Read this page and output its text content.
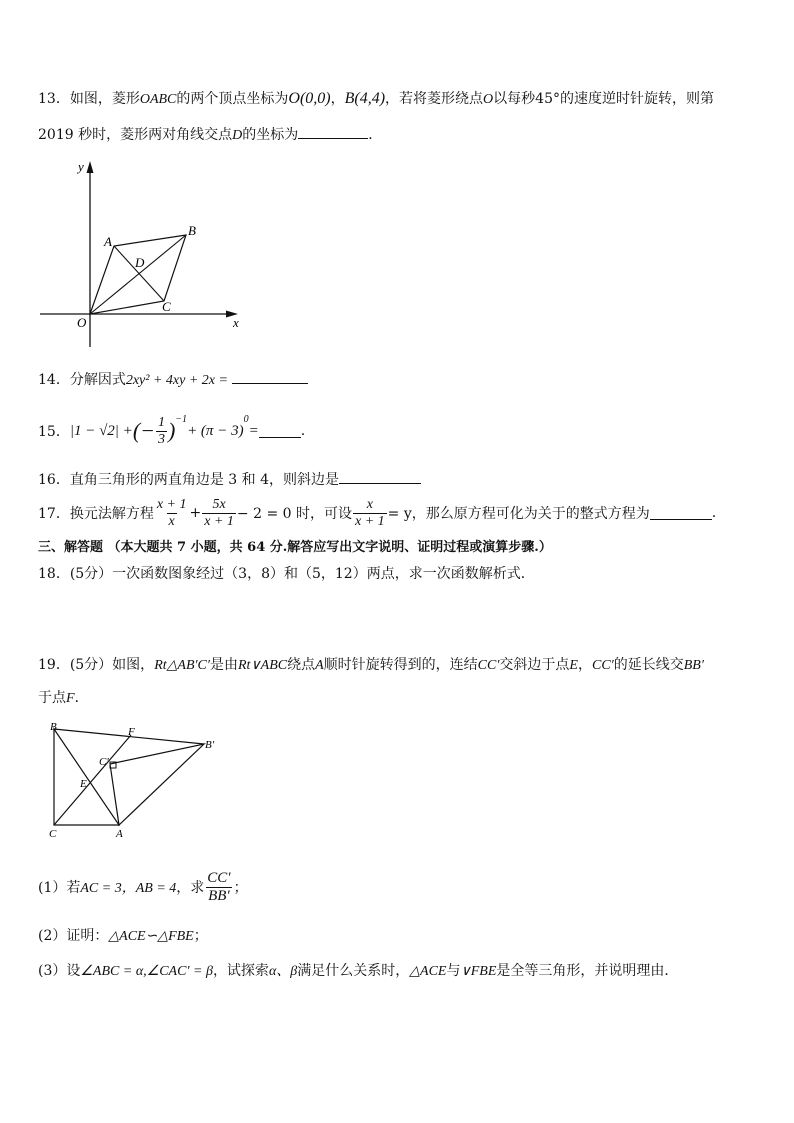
13．如图，菱形OABC的两个顶点坐标为O(0,0)，B(4,4)，若将菱形绕点O以每秒45°的速度逆时针旋转，则第
2019 秒时，菱形两对角线交点D的坐标为	．
y
x
A
B
C
D
O
14．分解因式2xy² + 4xy + 2x =
15． |1 − √2| + (− $\frac{1}{3} )^{-1}$
+ (π − 3)
$^0$
=	.
16．直角三角形的两直角边是 3 和 4，则斜边是
17．换元法解方程 $\frac{x + 1}{x} + \frac{5x}{x + 1} - 2 = 0$ 时，可设 $\frac{x}{x + 1} = y$，那么原方程可化为关于 的整式方程为	.
三、解答题 （本大题共 7 小题，共 64 分.解答应写出文字说明、证明过程或演算步骤.）
18．(5分）一次函数图象经过（3，8）和（5，12）两点，求一次函数解析式．
19．(5分）如图，Rt△AB′C′是由Rt∨ABC绕点A顺时针旋转得到的，连结CC′交斜边于点E，CC′的延长线交BB′
于点F．
B	F
B′
C′
E
C	A
(1）若 AC = 3，AB = 4 ，求 $\frac{CC'}{BB'}$ ；
(2）证明：△ACE∽△FBE；
(3）设∠ABC = α,∠CAC′ = β，试探索α、β满足什么关系时，△ACE与∨FBE是全等三角形，并说明理由．
